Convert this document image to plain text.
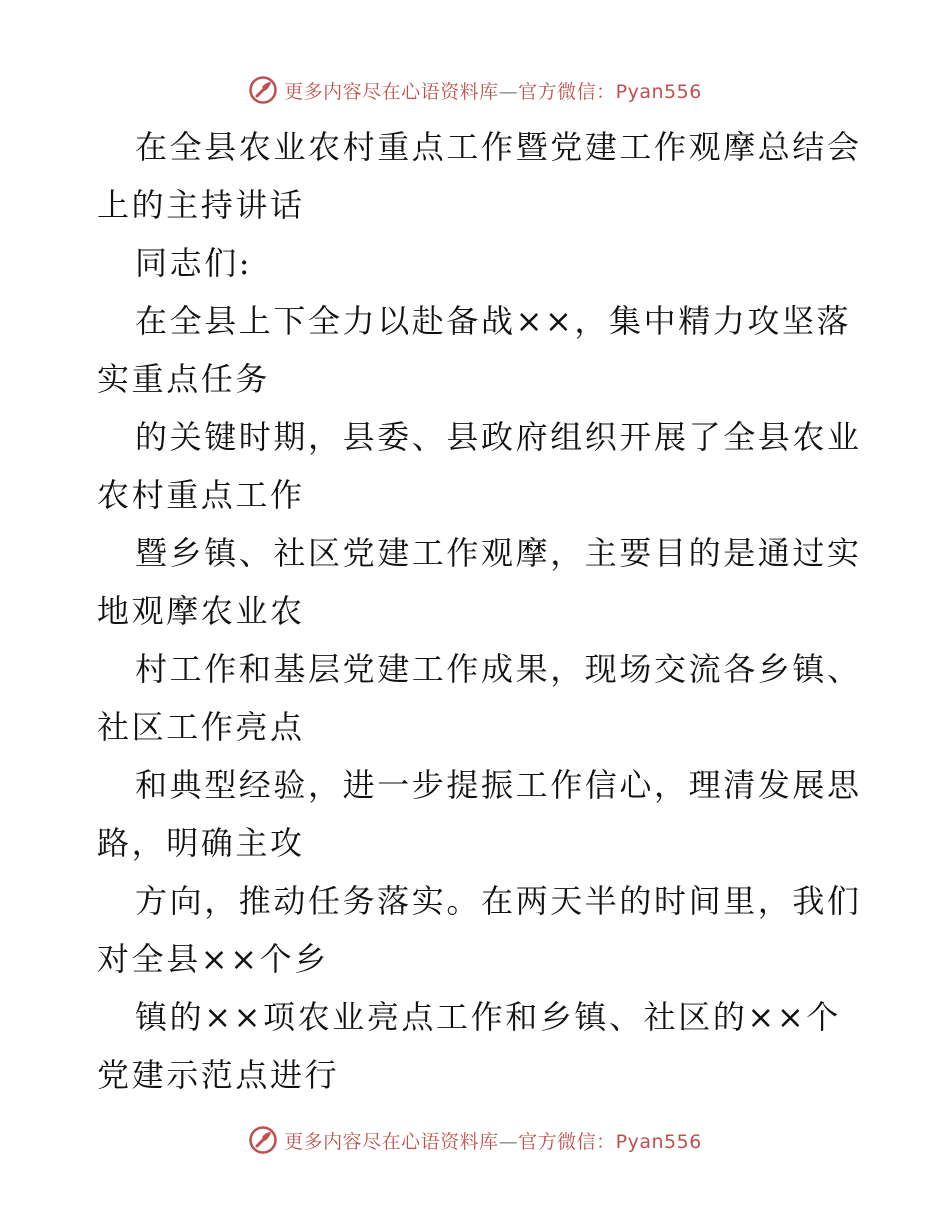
更多内容尽在心语资料库—官方微信：Pyan556
在全县农业农村重点工作暨党建工作观摩总结会
上的主持讲话
同志们:
在全县上下全力以赴备战××，集中精力攻坚落
实重点任务
的关键时期，县委、县政府组织开展了全县农业
农村重点工作
暨乡镇、社区党建工作观摩，主要目的是通过实
地观摩农业农
村工作和基层党建工作成果，现场交流各乡镇、
社区工作亮点
和典型经验，进一步提振工作信心，理清发展思
路，明确主攻
方向，推动任务落实。在两天半的时间里，我们
对全县××个乡
镇的××项农业亮点工作和乡镇、社区的××个
党建示范点进行
更多内容尽在心语资料库—官方微信：Pyan556
